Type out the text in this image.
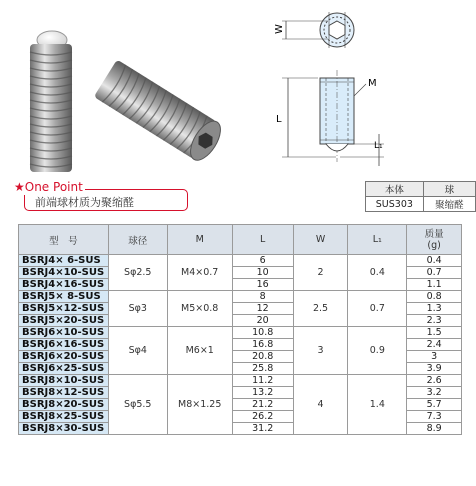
W
L
M
L₁
前端球材质为聚缩醛
★One Point	本体	球
SUS303	聚缩醛
型　号	球径	M	L	W	L₁	质量
(g)
BSRJ4× 6-SUS	Sφ2.5	M4×0.7	6	2	0.4	0.4
BSRJ4×10-SUS			10			0.7
BSRJ4×16-SUS			16			1.1
BSRJ5× 8-SUS	Sφ3	M5×0.8	8	2.5	0.7	0.8
BSRJ5×12-SUS			12			1.3
BSRJ5×20-SUS			20			2.3
BSRJ6×10-SUS	Sφ4	M6×1	10.8	3	0.9	1.5
BSRJ6×16-SUS			16.8			2.4
BSRJ6×20-SUS			20.8			3
BSRJ6×25-SUS			25.8			3.9
BSRJ8×10-SUS	Sφ5.5	M8×1.25	11.2	4	1.4	2.6
BSRJ8×12-SUS			13.2			3.2
BSRJ8×20-SUS			21.2			5.7
BSRJ8×25-SUS			26.2			7.3
BSRJ8×30-SUS			31.2			8.9
